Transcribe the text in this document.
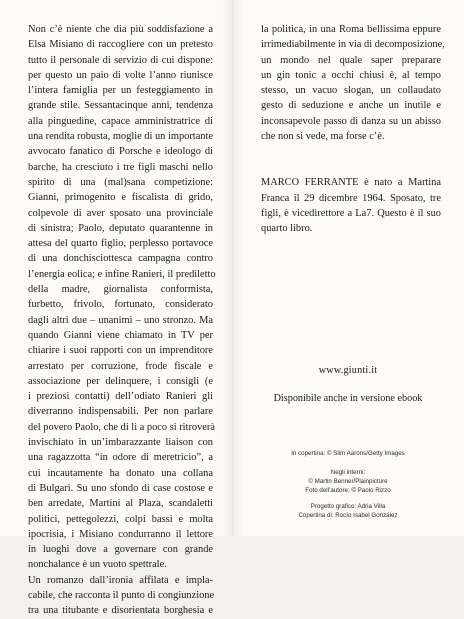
Non c’è niente che dia più soddisfazione a
Elsa Misiano di raccogliere con un pretesto
tutto il personale di servizio di cui dispone:
per questo un paio di volte l’anno riunisce
l’intera famiglia per un festeggiamento in
grande stile. Sessantacinque anni, tendenza
alla pinguedine, capace amministratrice di
una rendita robusta, moglie di un importante
avvocato fanatico di Porsche e ideologo di
barche, ha cresciuto i tre figli maschi nello
spirito di una (mal)sana competizione:
Gianni, primogenito e fiscalista di grido,
colpevole di aver sposato una provinciale
di sinistra; Paolo, deputato quarantenne in
attesa del quarto figlio, perplesso portavoce
di una donchisciottesca campagna contro
l’energia eolica; e infine Ranieri, il prediletto
della madre, giornalista conformista,
furbetto, frivolo, fortunato, considerato
dagli altri due – unanimi – uno stronzo. Ma
quando Gianni viene chiamato in TV per
chiarire i suoi rapporti con un imprenditore
arrestato per corruzione, frode fiscale e
associazione per delinquere, i consigli (e
i preziosi contatti) dell’odiato Ranieri gli
diverranno indispensabili. Per non parlare
del povero Paolo, che di lì a poco si ritroverà
invischiato in un’imbarazzante liaison con
una ragazzotta “in odore di meretricio”, a
cui incautamente ha donato una collana
di Bulgari. Su uno sfondo di case costose e
ben arredate, Martini al Plaza, scandaletti
politici, pettegolezzi, colpi bassi e molta
ipocrisia, i Misiano condurranno il lettore
in luoghi dove a governare con grande
nonchalance è un vuoto spettrale.
Un romanzo dall’ironia affilata e impla-
cabile, che racconta il punto di congiunzione
tra una titubante e disorientata borghesia e
la politica, in una Roma bellissima eppure
irrimediabilmente in via di decomposizione,
un mondo nel quale saper preparare
un gin tonic a occhi chiusi è, al tempo
stesso, un vacuo slogan, un collaudato
gesto di seduzione e anche un inutile e
inconsapevole passo di danza su un abisso
che non si vede, ma forse c’è.
MARCO FERRANTE è nato a Martina
Franca il 29 dicembre 1964. Sposato, tre
figli, è vicedirettore a La7. Questo è il suo
quarto libro.
www.giunti.it
Disponibile anche in versione ebook
In copertina: © Slim Aarons/Getty Images
Negli interni:
© Martin Benner/Plainpicture
Foto dell’autore: © Paolo Rizzo
Progetto grafico: Adria Villa
Copertina di: Rocío Isabel González
